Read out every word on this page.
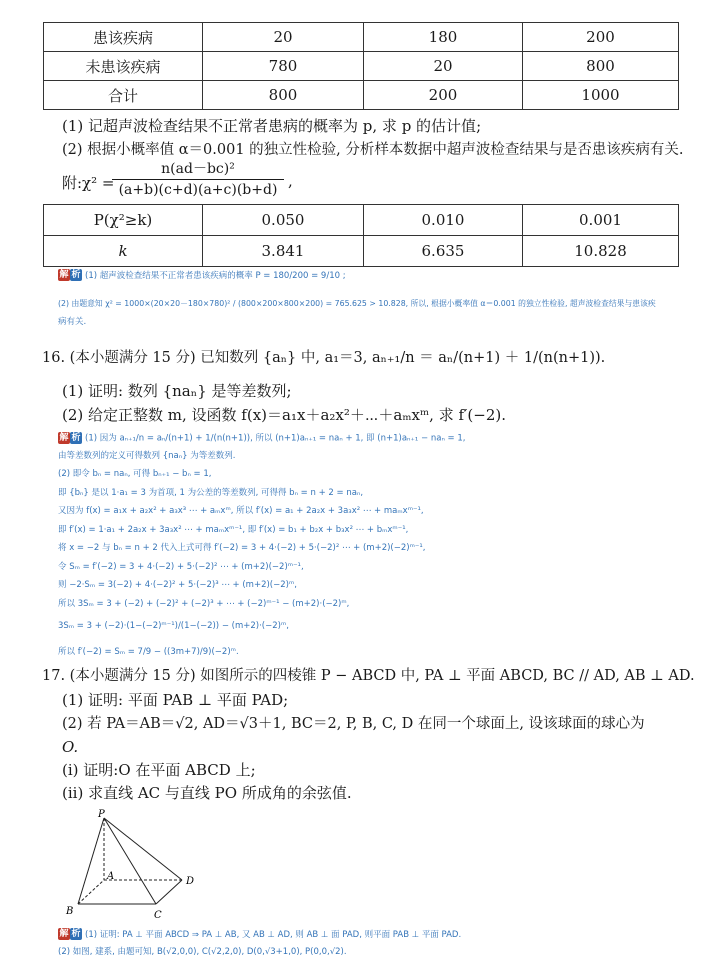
患该疾病	20	180	200
未患该疾病	780	20	800
合计	800	200	1000
(1) 记超声波检查结果不正常者患病的概率为 p, 求 p 的估计值;
(2) 根据小概率值 α＝0.001 的独立性检验, 分析样本数据中超声波检查结果与是否患该疾病有关.
附:χ² =
n(ad－bc)²
(a+b)(c+d)(a+c)(b+d) ,
P(χ²≥k)	0.050	0.010	0.001
k	3.841	6.635	10.828
解 析 (1) 超声波检查结果不正常者患该疾病的概率 P = 180/200 = 9/10 ;
(2) 由题意知 χ² = 1000×(20×20－180×780)² / (800×200×800×200) = 765.625 > 10.828, 所以, 根据小概率值 α＝0.001 的独立性检验, 超声波检查结果与患该疾
病有关.
16. (本小题满分 15 分) 已知数列 {aₙ} 中, a₁＝3, aₙ₊₁/n ＝ aₙ/(n+1) ＋ 1/(n(n+1)).
(1) 证明: 数列 {naₙ} 是等差数列;
(2) 给定正整数 m, 设函数 f(x)＝a₁x＋a₂x²＋⋯＋aₘxᵐ, 求 f′(−2).
解 析 (1) 因为 aₙ₊₁/n = aₙ/(n+1) + 1/(n(n+1)), 所以 (n+1)aₙ₊₁ = naₙ + 1, 即 (n+1)aₙ₊₁ − naₙ = 1,
由等差数列的定义可得数列 {naₙ} 为等差数列.
(2) 即令 bₙ = naₙ, 可得 bₙ₊₁ − bₙ = 1,
即 {bₙ} 是以 1·a₁ = 3 为首项, 1 为公差的等差数列, 可得得 bₙ = n + 2 = naₙ,
又因为 f(x) = a₁x + a₂x² + a₃x³ ⋯ + aₘxᵐ, 所以 f′(x) = a₁ + 2a₂x + 3a₃x² ⋯ + maₘxᵐ⁻¹,
即 f′(x) = 1·a₁ + 2a₂x + 3a₃x² ⋯ + maₘxᵐ⁻¹, 即 f′(x) = b₁ + b₂x + b₃x² ⋯ + bₘxᵐ⁻¹,
将 x = −2 与 bₙ = n + 2 代入上式可得 f′(−2) = 3 + 4·(−2) + 5·(−2)² ⋯ + (m+2)(−2)ᵐ⁻¹,
令 Sₘ = f′(−2) = 3 + 4·(−2) + 5·(−2)² ⋯ + (m+2)(−2)ᵐ⁻¹,
则 −2·Sₘ = 3(−2) + 4·(−2)² + 5·(−2)³ ⋯ + (m+2)(−2)ᵐ,
所以 3Sₘ = 3 + (−2) + (−2)² + (−2)³ + ⋯ + (−2)ᵐ⁻¹ − (m+2)·(−2)ᵐ,
3Sₘ = 3 + (−2)·(1−(−2)ᵐ⁻¹)/(1−(−2)) − (m+2)·(−2)ᵐ,
所以 f′(−2) = Sₘ = 7/9 − ((3m+7)/9)(−2)ᵐ.
17. (本小题满分 15 分) 如图所示的四棱锥 P − ABCD 中, PA ⊥ 平面 ABCD, BC // AD, AB ⊥ AD.
(1) 证明: 平面 PAB ⊥ 平面 PAD;
(2) 若 PA＝AB＝√2, AD＝√3＋1, BC＝2, P, B, C, D 在同一个球面上, 设该球面的球心为
O.
(i) 证明:O 在平面 ABCD 上;
(ii) 求直线 AC 与直线 PO 所成角的余弦值.
P
A
B	C
D
解 析 (1) 证明: PA ⊥ 平面 ABCD ⇒ PA ⊥ AB, 又 AB ⊥ AD, 则 AB ⊥ 面 PAD, 则平面 PAB ⊥ 平面 PAD.
(2) 如图, 建系, 由题可知, B(√2,0,0), C(√2,2,0), D(0,√3+1,0), P(0,0,√2).
